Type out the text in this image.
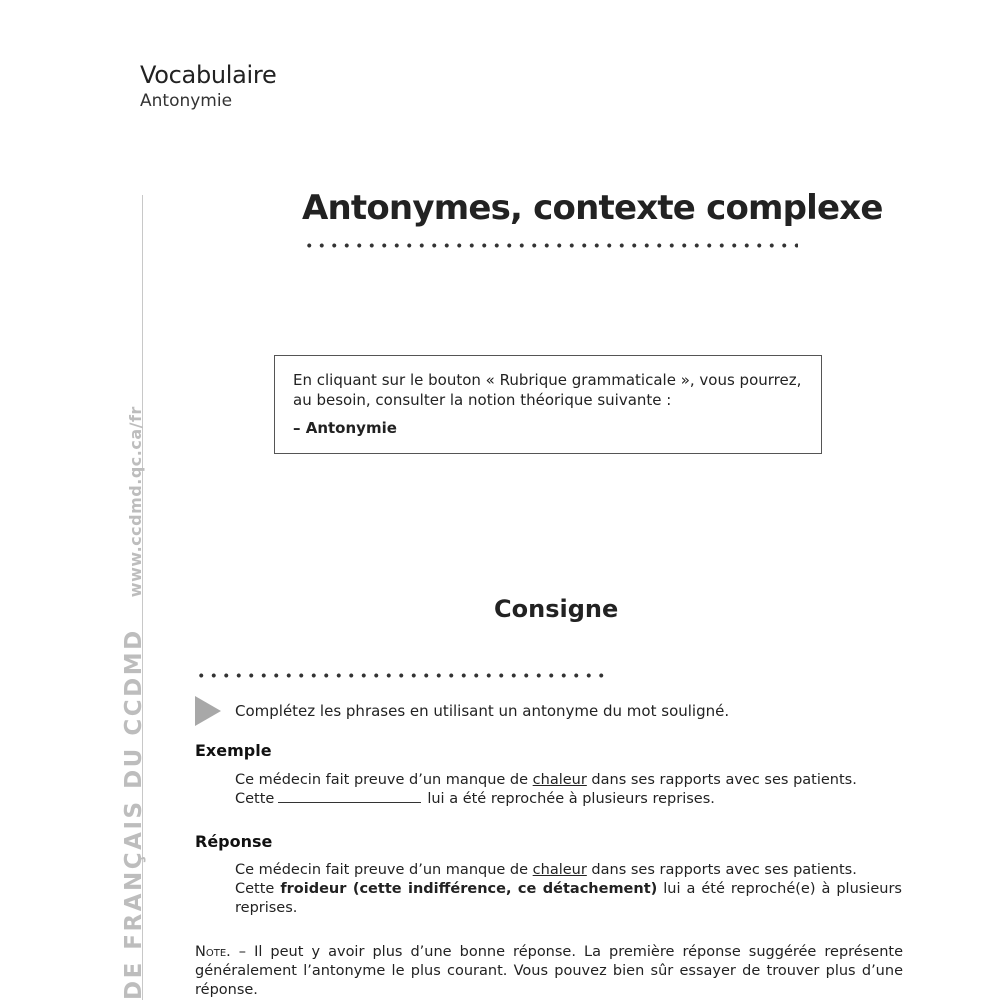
Vocabulaire
Antonymie
DE FRANÇAIS DU CCDMD www.ccdmd.qc.ca/fr
Antonymes, contexte complexe
En cliquant sur le bouton « Rubrique grammaticale », vous pourrez, au besoin, consulter la notion théorique suivante :
– Antonymie
Consigne
Complétez les phrases en utilisant un antonyme du mot souligné.
Exemple
Ce médecin fait preuve d’un manque de chaleur dans ses rapports avec ses patients.
Cette	lui a été reprochée à plusieurs reprises.
Réponse
Ce médecin fait preuve d’un manque de chaleur dans ses rapports avec ses patients.
Cette froideur (cette indifférence, ce détachement) lui a été reproché(e) à plusieurs reprises.
Note. – Il peut y avoir plus d’une bonne réponse. La première réponse suggérée représente généralement l’antonyme le plus courant. Vous pouvez bien sûr essayer de trouver plus d’une réponse.
